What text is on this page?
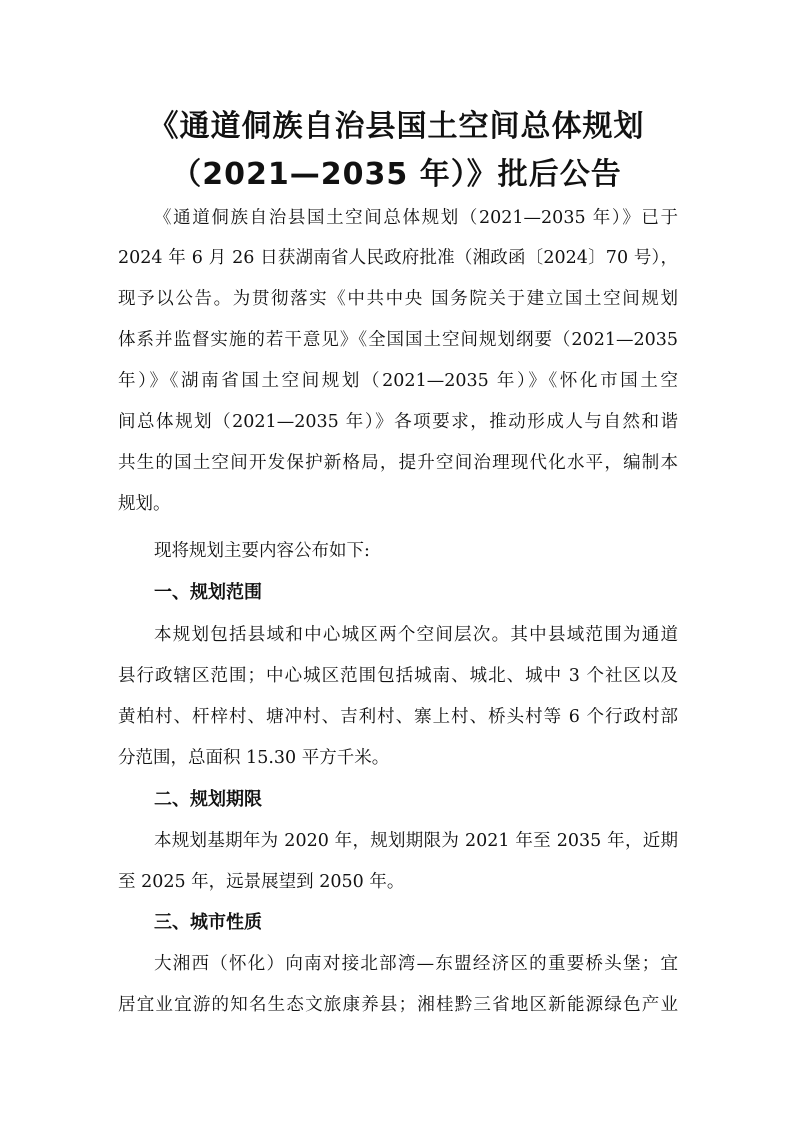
《通道侗族自治县国土空间总体规划
（2021—2035 年）》批后公告
《通道侗族自治县国土空间总体规划（2021—2035 年）》已于
2024 年 6 月 26 日获湖南省人民政府批准（湘政函〔2024〕70 号），
现予以公告。为贯彻落实《中共中央 国务院关于建立国土空间规划
体系并监督实施的若干意见》《全国国土空间规划纲要（2021—2035
年）》《湖南省国土空间规划（2021—2035 年）》《怀化市国土空
间总体规划（2021—2035 年）》各项要求，推动形成人与自然和谐
共生的国土空间开发保护新格局，提升空间治理现代化水平，编制本
规划。
现将规划主要内容公布如下:
一、规划范围
本规划包括县域和中心城区两个空间层次。其中县域范围为通道
县行政辖区范围；中心城区范围包括城南、城北、城中 3 个社区以及
黄柏村、杆梓村、塘冲村、吉利村、寨上村、桥头村等 6 个行政村部
分范围，总面积 15.30 平方千米。
二、规划期限
本规划基期年为 2020 年，规划期限为 2021 年至 2035 年，近期
至 2025 年，远景展望到 2050 年。
三、城市性质
大湘西（怀化）向南对接北部湾—东盟经济区的重要桥头堡；宜
居宜业宜游的知名生态文旅康养县；湘桂黔三省地区新能源绿色产业
